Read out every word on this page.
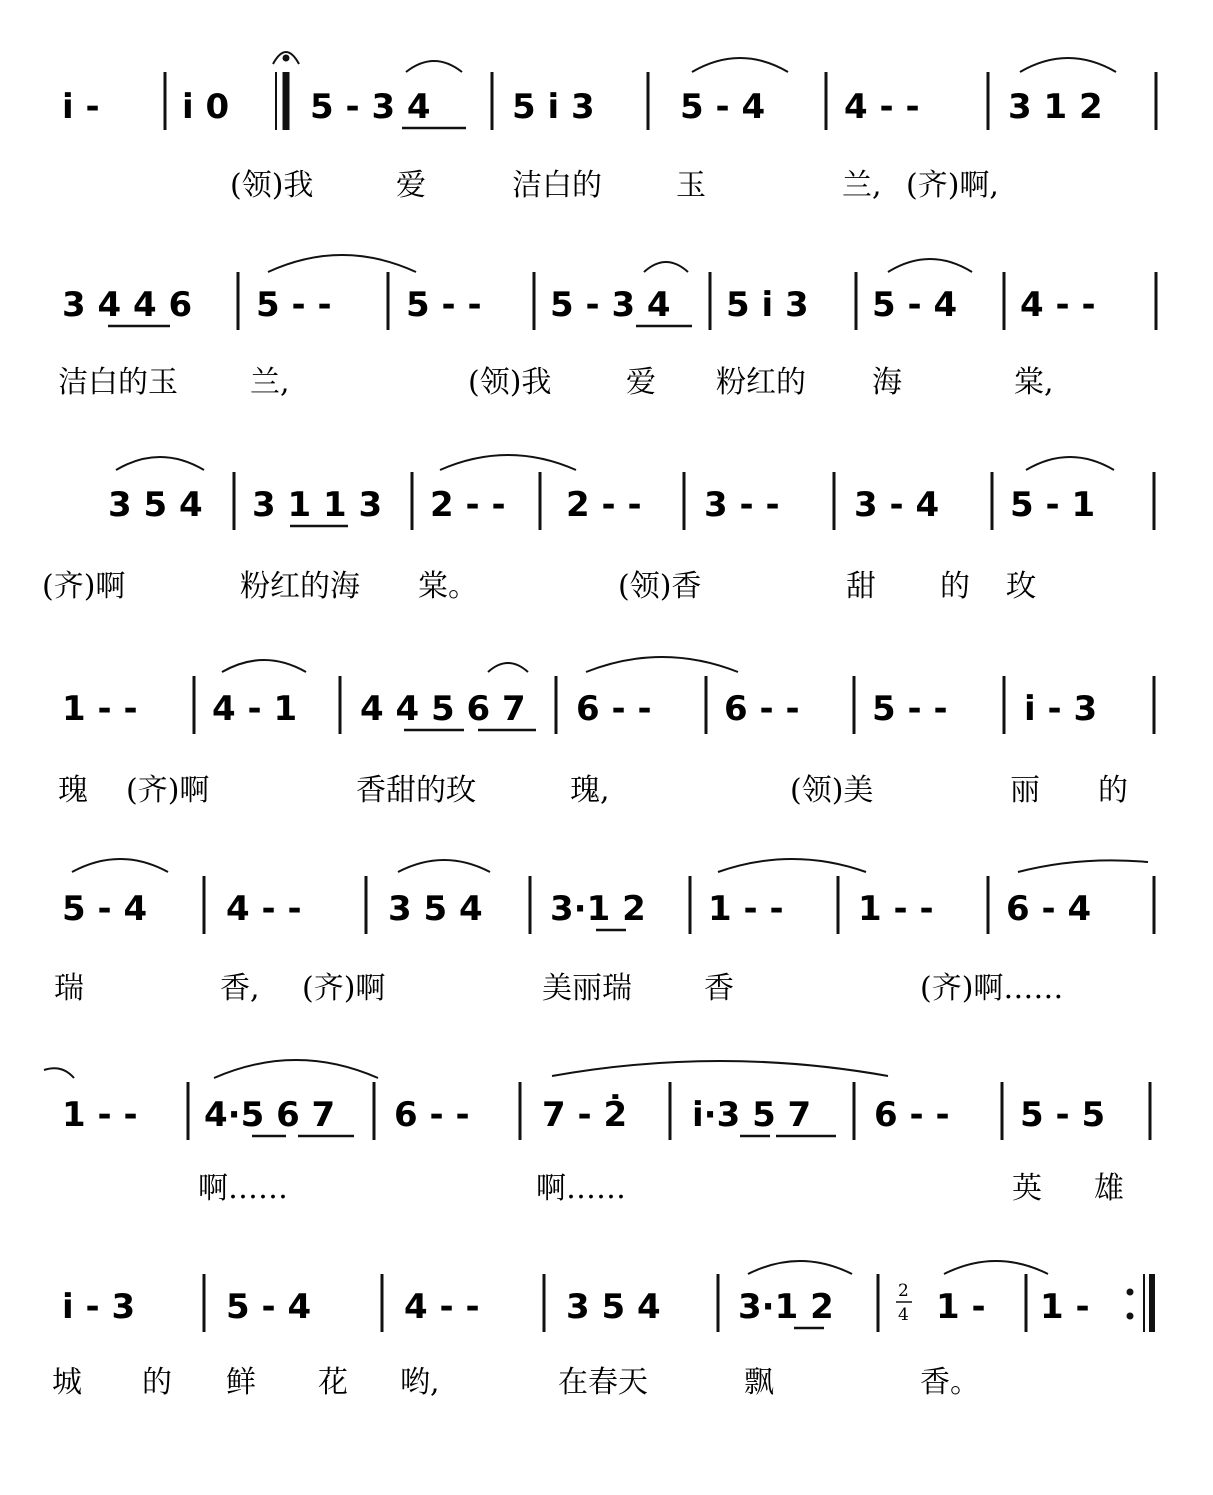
i̇ - i̇ 0 5 - 3 4 5 i̇ 3	5 - 4 4 - -	3 1 2
(领)我	爱	洁白的 玉	兰, (齐)啊,
3 4 4 6 5 - - 5 - - 5 - 3 4 5 i̇ 3 5 - 4 4 - -
洁白的玉 兰,	(领)我 爱 粉红的 海	棠,
3 5 4 3 1 1 3 2 - - 2 - - 3 - - 3 - 4 5 - 1
(齐)啊	粉红的海 棠。	(领)香	甜 的 玫
1 - - 4 - 1 4 4 5 6 7 6 - - 6 - - 5 - - i̇ - 3
瑰 (齐)啊	香甜的玫	瑰,	(领)美	丽 的
5 - 4 4 - -	3 5 4 3·1 2 1 - - 1 - - 6 - 4
瑞	香, (齐)啊	美丽瑞 香	(齐)啊……
1 - - 4·5 6 7 6 - - 7 - 2̇ i̇·3 5 7 6 - - 5 - 5
啊……	啊……	英 雄
i̇ - 3	5 - 4	4 - -	3 5 4 3·1 2	1 - 1 -
2
4
城 的 鲜 花 哟,	在春天	飘	香。
